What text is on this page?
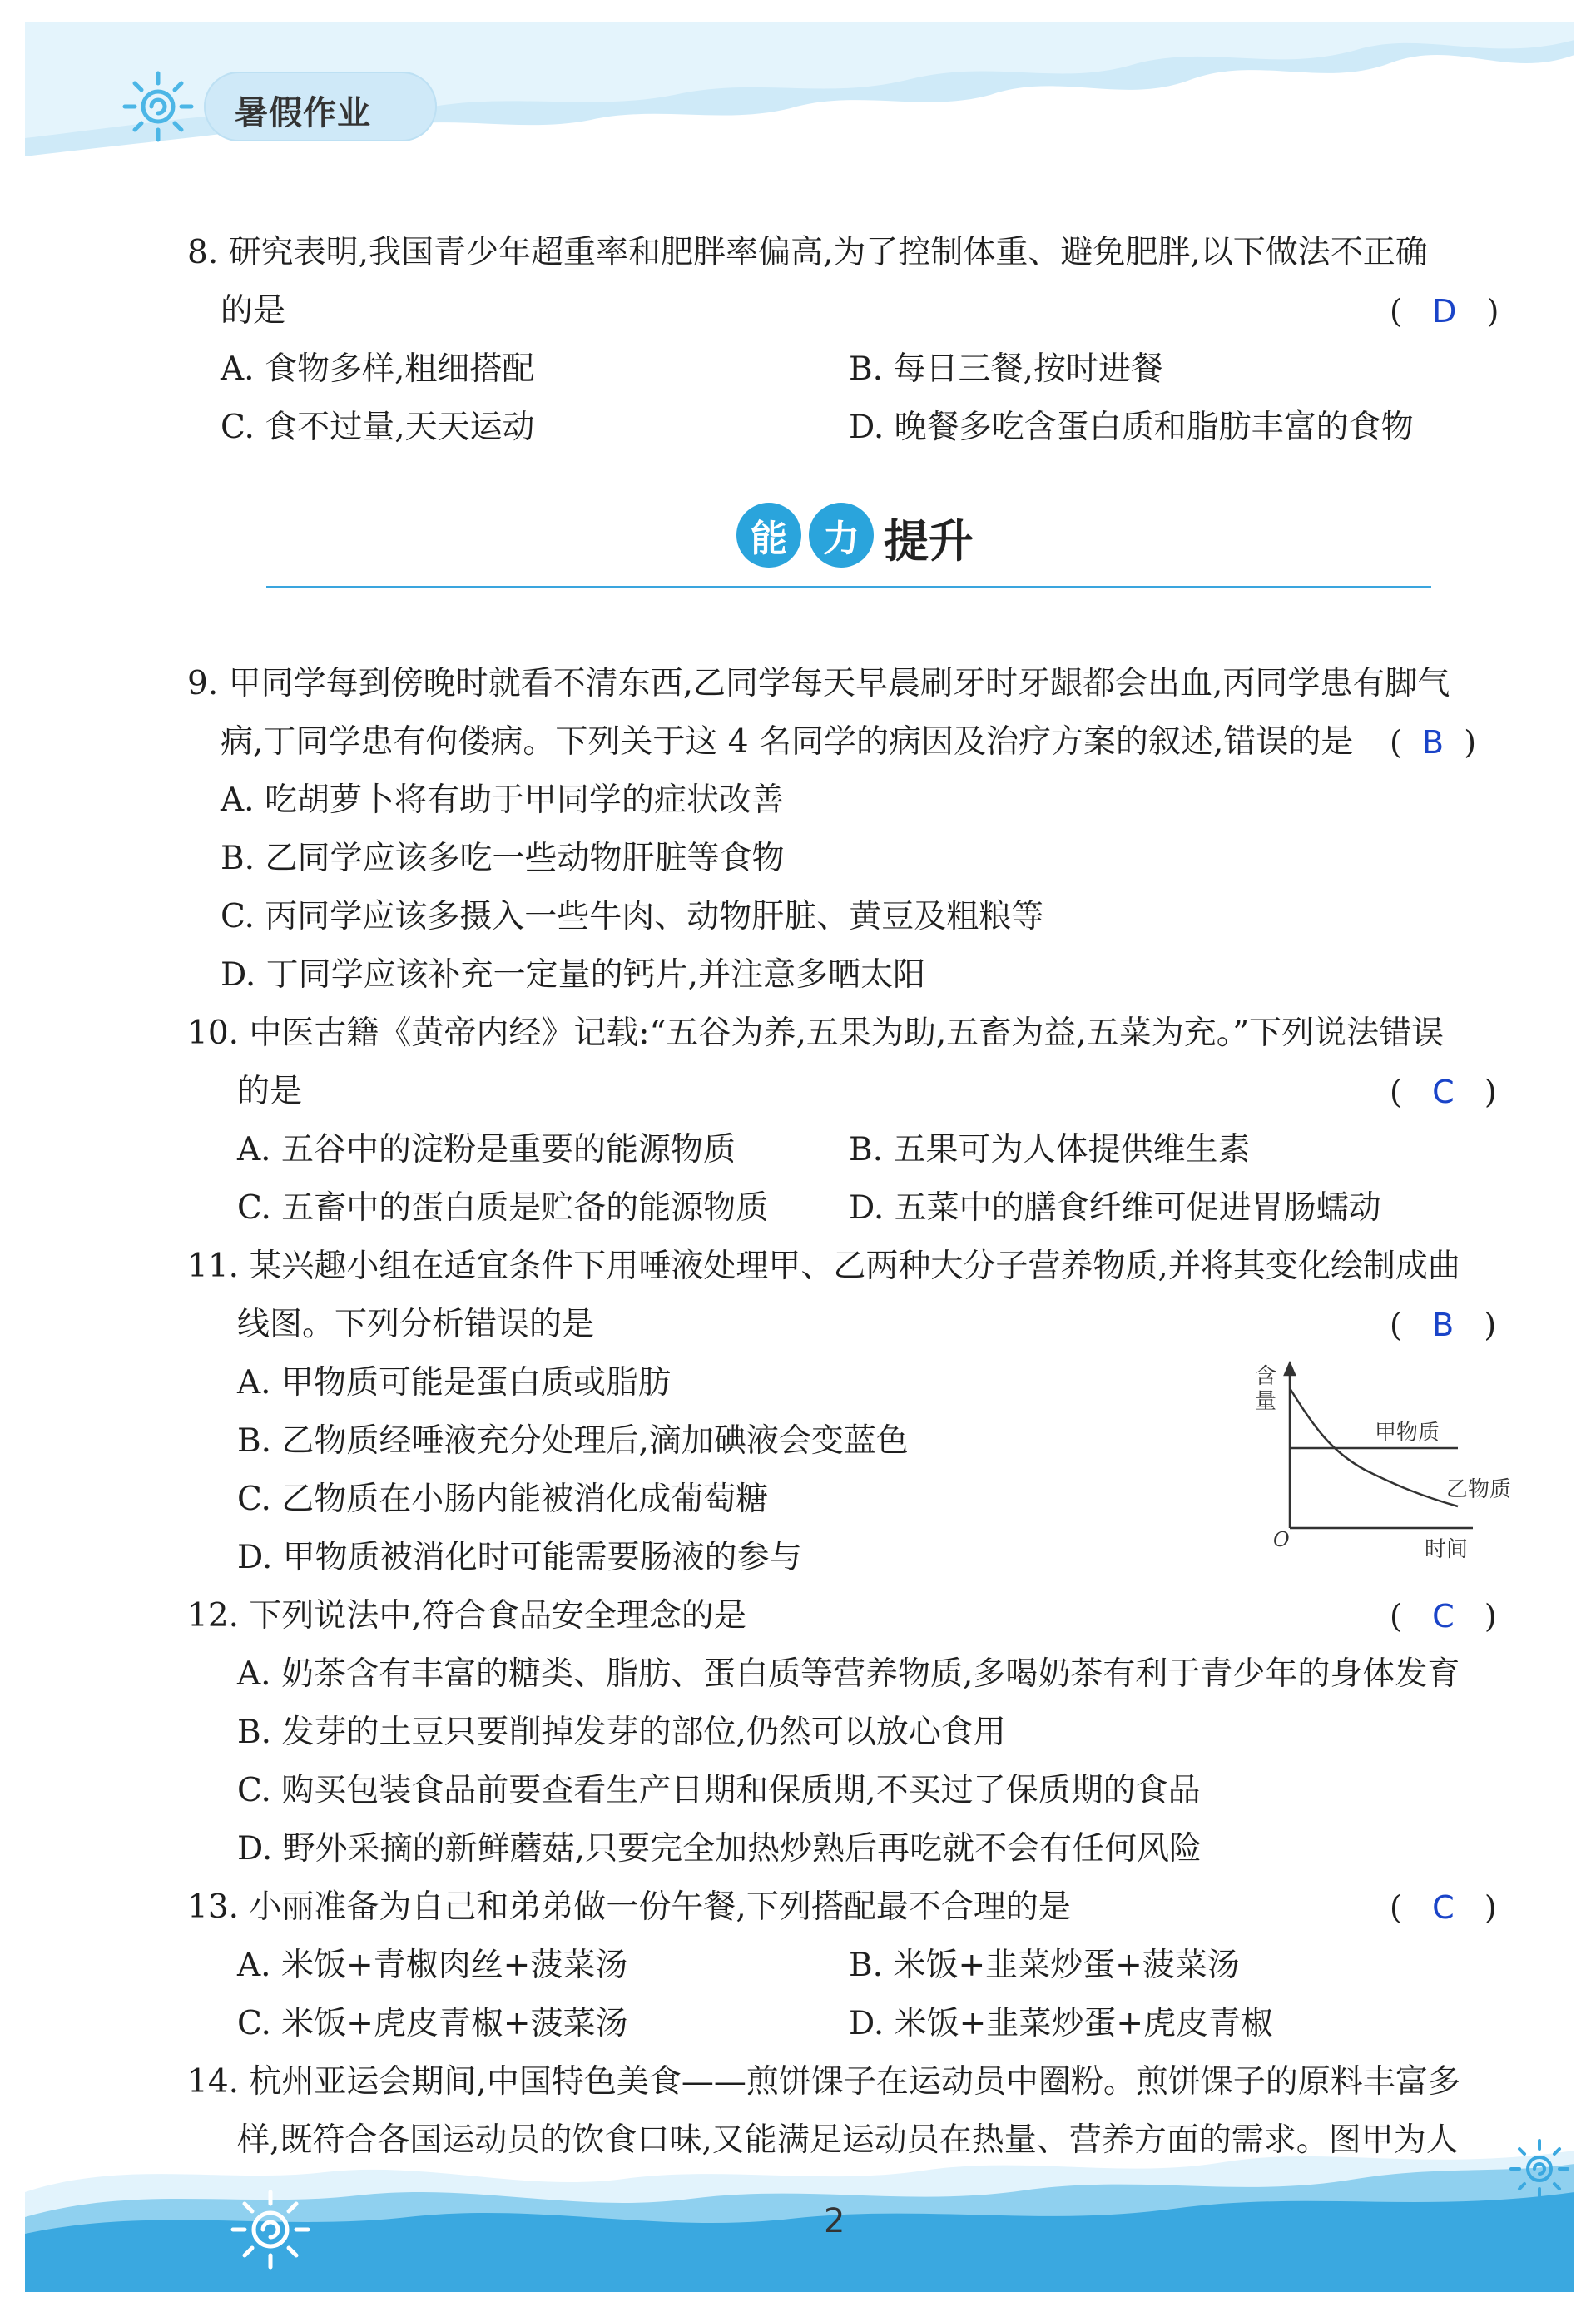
暑假作业
8. 研究表明,我国青少年超重率和肥胖率偏高,为了控制体重、避免肥胖,以下做法不正确
的是	(   D   )
A. 食物多样,粗细搭配	B. 每日三餐,按时进餐
C. 食不过量,天天运动	D. 晚餐多吃含蛋白质和脂肪丰富的食物
能 力 提升
9. 甲同学每到傍晚时就看不清东西,乙同学每天早晨刷牙时牙龈都会出血,丙同学患有脚气
病,丁同学患有佝偻病。下列关于这 4 名同学的病因及治疗方案的叙述,错误的是 (  B  )
A. 吃胡萝卜将有助于甲同学的症状改善
B. 乙同学应该多吃一些动物肝脏等食物
C. 丙同学应该多摄入一些牛肉、动物肝脏、黄豆及粗粮等
D. 丁同学应该补充一定量的钙片,并注意多晒太阳
10. 中医古籍《黄帝内经》记载:“五谷为养,五果为助,五畜为益,五菜为充。”下列说法错误
的是	(   C   )
A. 五谷中的淀粉是重要的能源物质	B. 五果可为人体提供维生素
C. 五畜中的蛋白质是贮备的能源物质 D. 五菜中的膳食纤维可促进胃肠蠕动
11. 某兴趣小组在适宜条件下用唾液处理甲、乙两种大分子营养物质,并将其变化绘制成曲
线图。下列分析错误的是	(   B   )
A. 甲物质可能是蛋白质或脂肪
B. 乙物质经唾液充分处理后,滴加碘液会变蓝色
C. 乙物质在小肠内能被消化成葡萄糖
D. 甲物质被消化时可能需要肠液的参与
含
量
O	时间
甲物质
乙物质
12. 下列说法中,符合食品安全理念的是	(   C   )
A. 奶茶含有丰富的糖类、脂肪、蛋白质等营养物质,多喝奶茶有利于青少年的身体发育
B. 发芽的土豆只要削掉发芽的部位,仍然可以放心食用
C. 购买包装食品前要查看生产日期和保质期,不买过了保质期的食品
D. 野外采摘的新鲜蘑菇,只要完全加热炒熟后再吃就不会有任何风险
13. 小丽准备为自己和弟弟做一份午餐,下列搭配最不合理的是	(   C   )
A. 米饭+青椒肉丝+菠菜汤	B. 米饭+韭菜炒蛋+菠菜汤
C. 米饭+虎皮青椒+菠菜汤	D. 米饭+韭菜炒蛋+虎皮青椒
14. 杭州亚运会期间,中国特色美食——煎饼馃子在运动员中圈粉。煎饼馃子的原料丰富多
样,既符合各国运动员的饮食口味,又能满足运动员在热量、营养方面的需求。图甲为人
2
